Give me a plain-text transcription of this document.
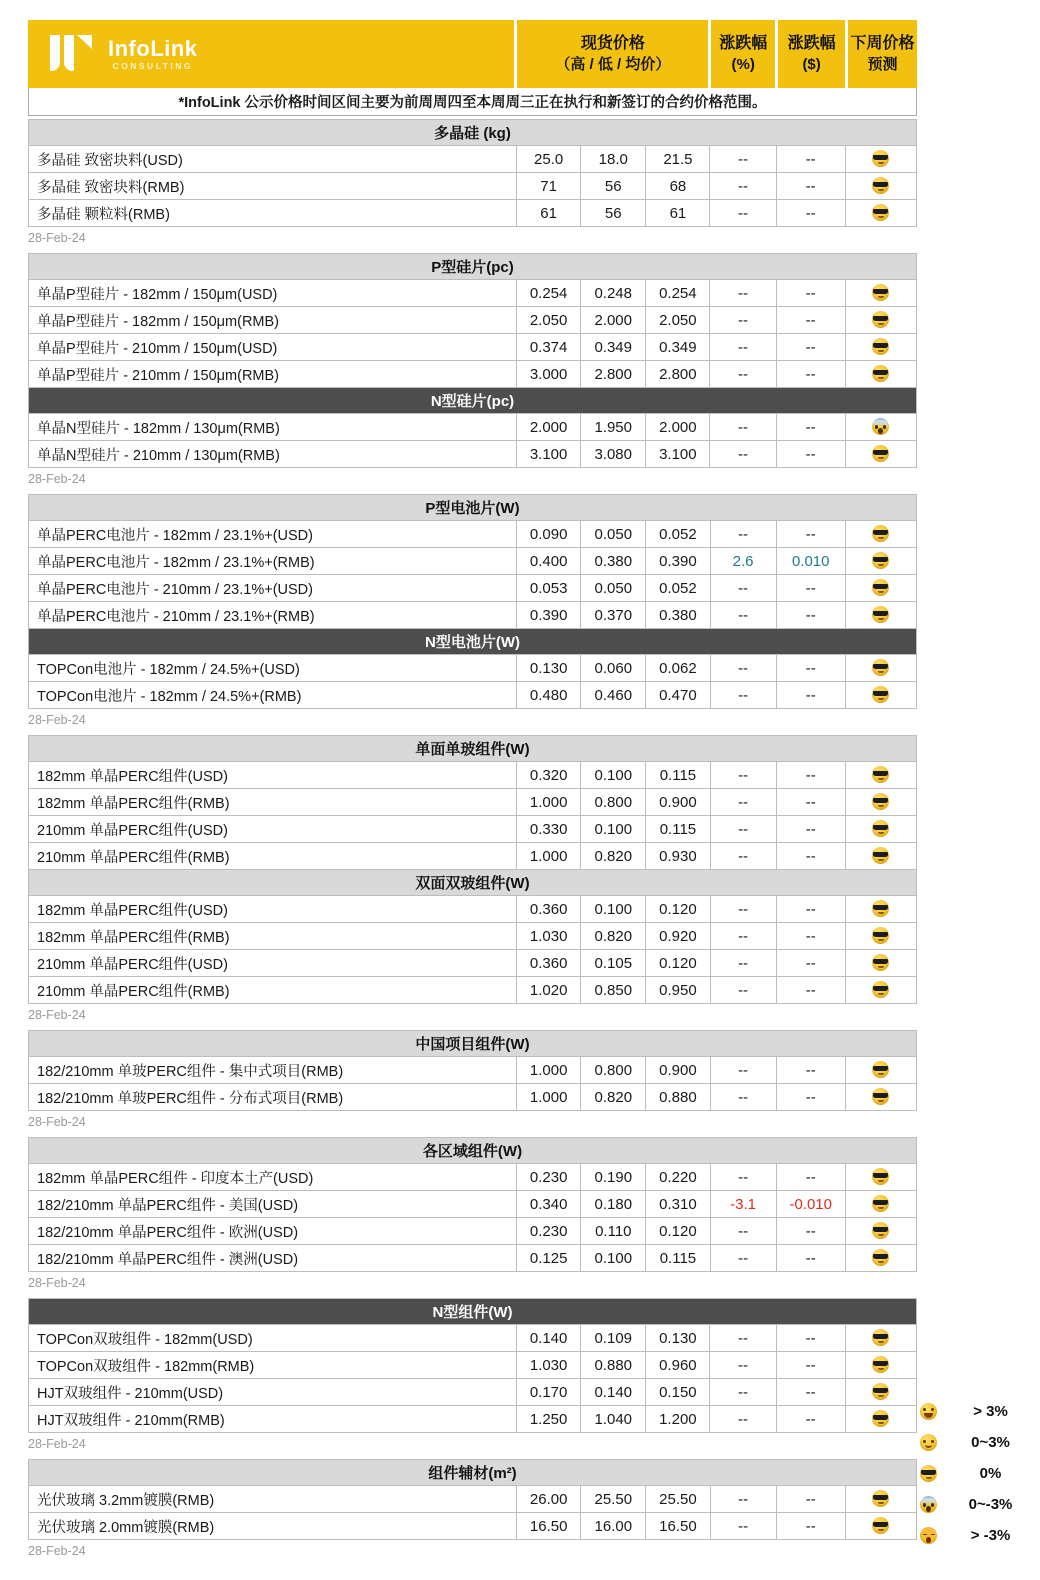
InfoLink
CONSULTING
现货价格
（高 / 低 / 均价）
涨跌幅
(%)
涨跌幅
($)
下周价格
预测
*InfoLink 公示价格时间区间主要为前周周四至本周周三正在执行和新签订的合约价格范围。
多晶硅 (kg)						
多晶硅 致密块料(USD)	25.0	18.0	21.5	--	--	
多晶硅 致密块料(RMB)	71	56	68	--	--	
多晶硅 颗粒料(RMB)	61	56	61	--	--	
28-Feb-24
P型硅片(pc)						
单晶P型硅片 - 182mm / 150μm(USD)	0.254	0.248	0.254	--	--	
单晶P型硅片 - 182mm / 150μm(RMB)	2.050	2.000	2.050	--	--	
单晶P型硅片 - 210mm / 150μm(USD)	0.374	0.349	0.349	--	--	
单晶P型硅片 - 210mm / 150μm(RMB)	3.000	2.800	2.800	--	--	
N型硅片(pc)						
单晶N型硅片 - 182mm / 130μm(RMB)	2.000	1.950	2.000	--	--	
单晶N型硅片 - 210mm / 130μm(RMB)	3.100	3.080	3.100	--	--	
28-Feb-24
P型电池片(W)						
单晶PERC电池片 - 182mm / 23.1%+(USD)	0.090	0.050	0.052	--	--	
单晶PERC电池片 - 182mm / 23.1%+(RMB)	0.400	0.380	0.390	2.6	0.010	
单晶PERC电池片 - 210mm / 23.1%+(USD)	0.053	0.050	0.052	--	--	
单晶PERC电池片 - 210mm / 23.1%+(RMB)	0.390	0.370	0.380	--	--	
N型电池片(W)						
TOPCon电池片 - 182mm / 24.5%+(USD)	0.130	0.060	0.062	--	--	
TOPCon电池片 - 182mm / 24.5%+(RMB)	0.480	0.460	0.470	--	--	
28-Feb-24
单面单玻组件(W)						
182mm 单晶PERC组件(USD)	0.320	0.100	0.115	--	--	
182mm 单晶PERC组件(RMB)	1.000	0.800	0.900	--	--	
210mm 单晶PERC组件(USD)	0.330	0.100	0.115	--	--	
210mm 单晶PERC组件(RMB)	1.000	0.820	0.930	--	--	
双面双玻组件(W)						
182mm 单晶PERC组件(USD)	0.360	0.100	0.120	--	--	
182mm 单晶PERC组件(RMB)	1.030	0.820	0.920	--	--	
210mm 单晶PERC组件(USD)	0.360	0.105	0.120	--	--	
210mm 单晶PERC组件(RMB)	1.020	0.850	0.950	--	--	
28-Feb-24
中国项目组件(W)						
182/210mm 单玻PERC组件 - 集中式项目(RMB)	1.000	0.800	0.900	--	--	
182/210mm 单玻PERC组件 - 分布式项目(RMB)	1.000	0.820	0.880	--	--	
28-Feb-24
各区域组件(W)						
182mm 单晶PERC组件 - 印度本土产(USD)	0.230	0.190	0.220	--	--	
182/210mm 单晶PERC组件 - 美国(USD)	0.340	0.180	0.310	-3.1	-0.010	
182/210mm 单晶PERC组件 - 欧洲(USD)	0.230	0.110	0.120	--	--	
182/210mm 单晶PERC组件 - 澳洲(USD)	0.125	0.100	0.115	--	--	
28-Feb-24
N型组件(W)						
TOPCon双玻组件 - 182mm(USD)	0.140	0.109	0.130	--	--	
TOPCon双玻组件 - 182mm(RMB)	1.030	0.880	0.960	--	--	
HJT双玻组件 - 210mm(USD)	0.170	0.140	0.150	--	--	
HJT双玻组件 - 210mm(RMB)	1.250	1.040	1.200	--	--	
28-Feb-24
组件辅材(m²)						
光伏玻璃 3.2mm镀膜(RMB)	26.00	25.50	25.50	--	--	
光伏玻璃 2.0mm镀膜(RMB)	16.50	16.00	16.50	--	--	
28-Feb-24
> 3%
0~3%
0%
0~-3%
> -3%
